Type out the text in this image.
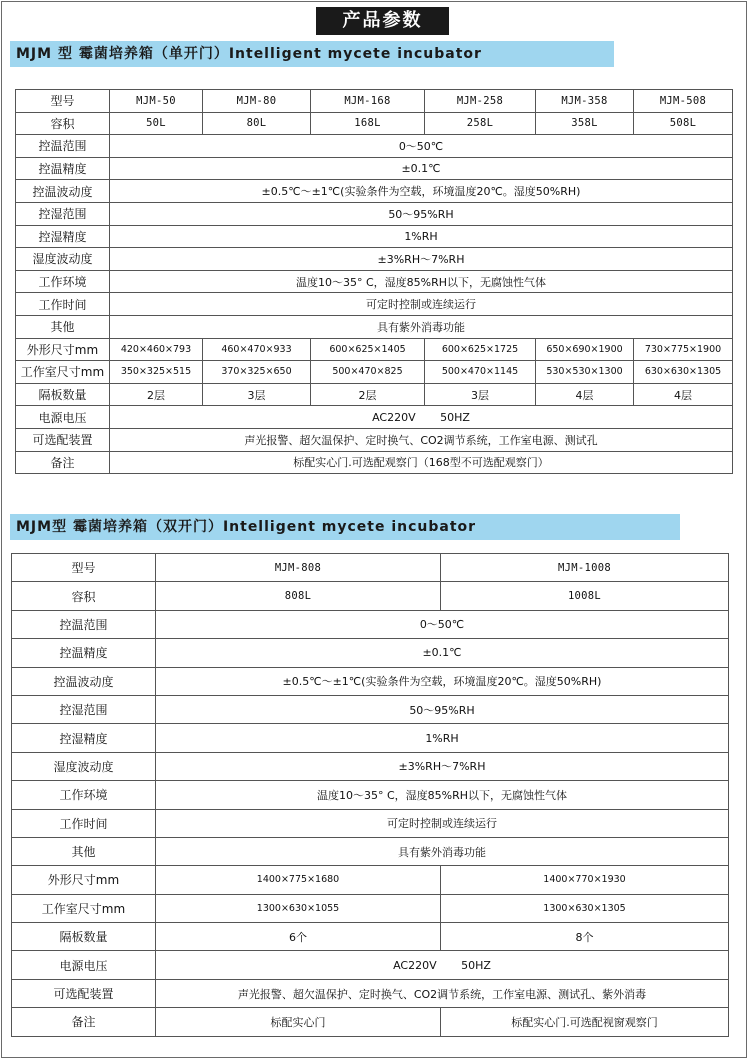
产品参数
MJM 型 霉菌培养箱（单开门）Intelligent mycete incubator
型号	MJM-50	MJM-80	MJM-168	MJM-258	MJM-358	MJM-508
容积	50L	80L	168L	258L	358L	508L
控温范围	0～50℃					
控温精度	±0.1℃					
控温波动度	±0.5℃～±1℃(实验条件为空载，环境温度20℃。湿度50%RH)					
控湿范围	50～95%RH					
控湿精度	1%RH					
湿度波动度	±3%RH～7%RH					
工作环境	温度10～35° C，湿度85%RH以下，无腐蚀性气体					
工作时间	可定时控制或连续运行					
其他	具有紫外消毒功能					
外形尺寸mm	420×460×793	460×470×933	600×625×1405	600×625×1725	650×690×1900	730×775×1900
工作室尺寸mm	350×325×515	370×325×650	500×470×825	500×470×1145	530×530×1300	630×630×1305
隔板数量	2层	3层	2层	3层	4层	4层
电源电压	AC220V       50HZ					
可选配装置	声光报警、超欠温保护、定时换气、CO2调节系统，工作室电源、测试孔					
备注	标配实心门.可选配观察门（168型不可选配观察门）					
MJM型 霉菌培养箱（双开门）Intelligent mycete incubator
型号	MJM-808	MJM-1008
容积	808L	1008L
控温范围	0～50℃	
控温精度	±0.1℃	
控温波动度	±0.5℃～±1℃(实验条件为空载，环境温度20℃。湿度50%RH)	
控湿范围	50～95%RH	
控湿精度	1%RH	
湿度波动度	±3%RH～7%RH	
工作环境	温度10～35° C，湿度85%RH以下，无腐蚀性气体	
工作时间	可定时控制或连续运行	
其他	具有紫外消毒功能	
外形尺寸mm	1400×775×1680	1400×770×1930
工作室尺寸mm	1300×630×1055	1300×630×1305
隔板数量	6个	8个
电源电压	AC220V       50HZ	
可选配装置	声光报警、超欠温保护、定时换气、CO2调节系统，工作室电源、测试孔、紫外消毒	
备注	标配实心门	标配实心门.可选配视窗观察门
